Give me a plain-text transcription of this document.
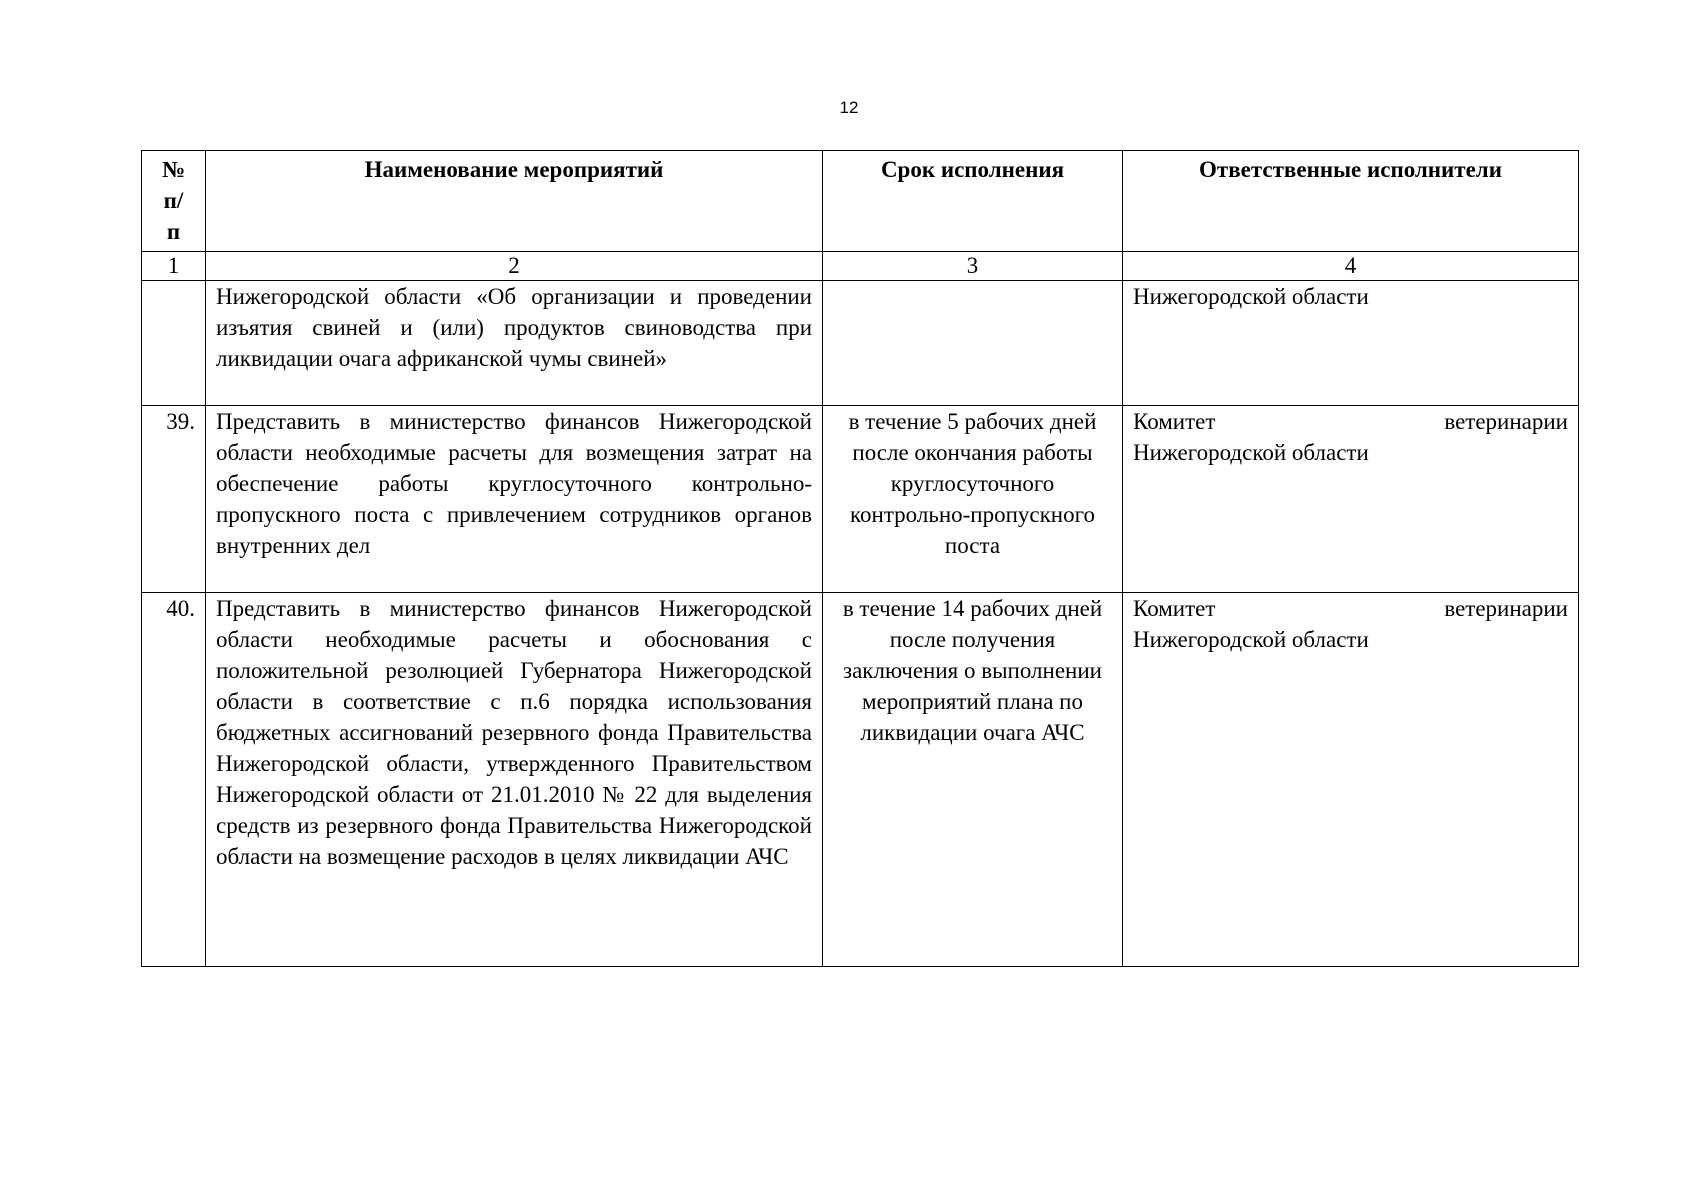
12
№ п/п	Наименование мероприятий	Срок исполнения	Ответственные исполнители
1	2	3	4
	Нижегородской области «Об организации и проведении изъятия свиней и (или) продуктов свиноводства при ликвидации очага африканской чумы свиней»		Нижегородской области

39.	Представить в министерство финансов Нижегородской области необходимые расчеты для возмещения затрат на обеспечение работы круглосуточного контрольно-пропускного поста с привлечением сотрудников органов внутренних дел	в течение 5 рабочих дней после окончания работы круглосуточного контрольно-пропускного поста	Комитет ветеринарии
Нижегородской области

40.	Представить в министерство финансов Нижегородской области необходимые расчеты и обоснования с положительной резолюцией Губернатора Нижегородской области в соответствие с п.6 порядка использования бюджетных ассигнований резервного фонда Правительства Нижегородской области, утвержденного Правительством Нижегородской области от 21.01.2010 № 22 для выделения средств из резервного фонда Правительства Нижегородской области на возмещение расходов в целях ликвидации АЧС	в течение 14 рабочих дней после получения заключения о выполнении мероприятий плана по ликвидации очага АЧС	Комитет ветеринарии
Нижегородской области
